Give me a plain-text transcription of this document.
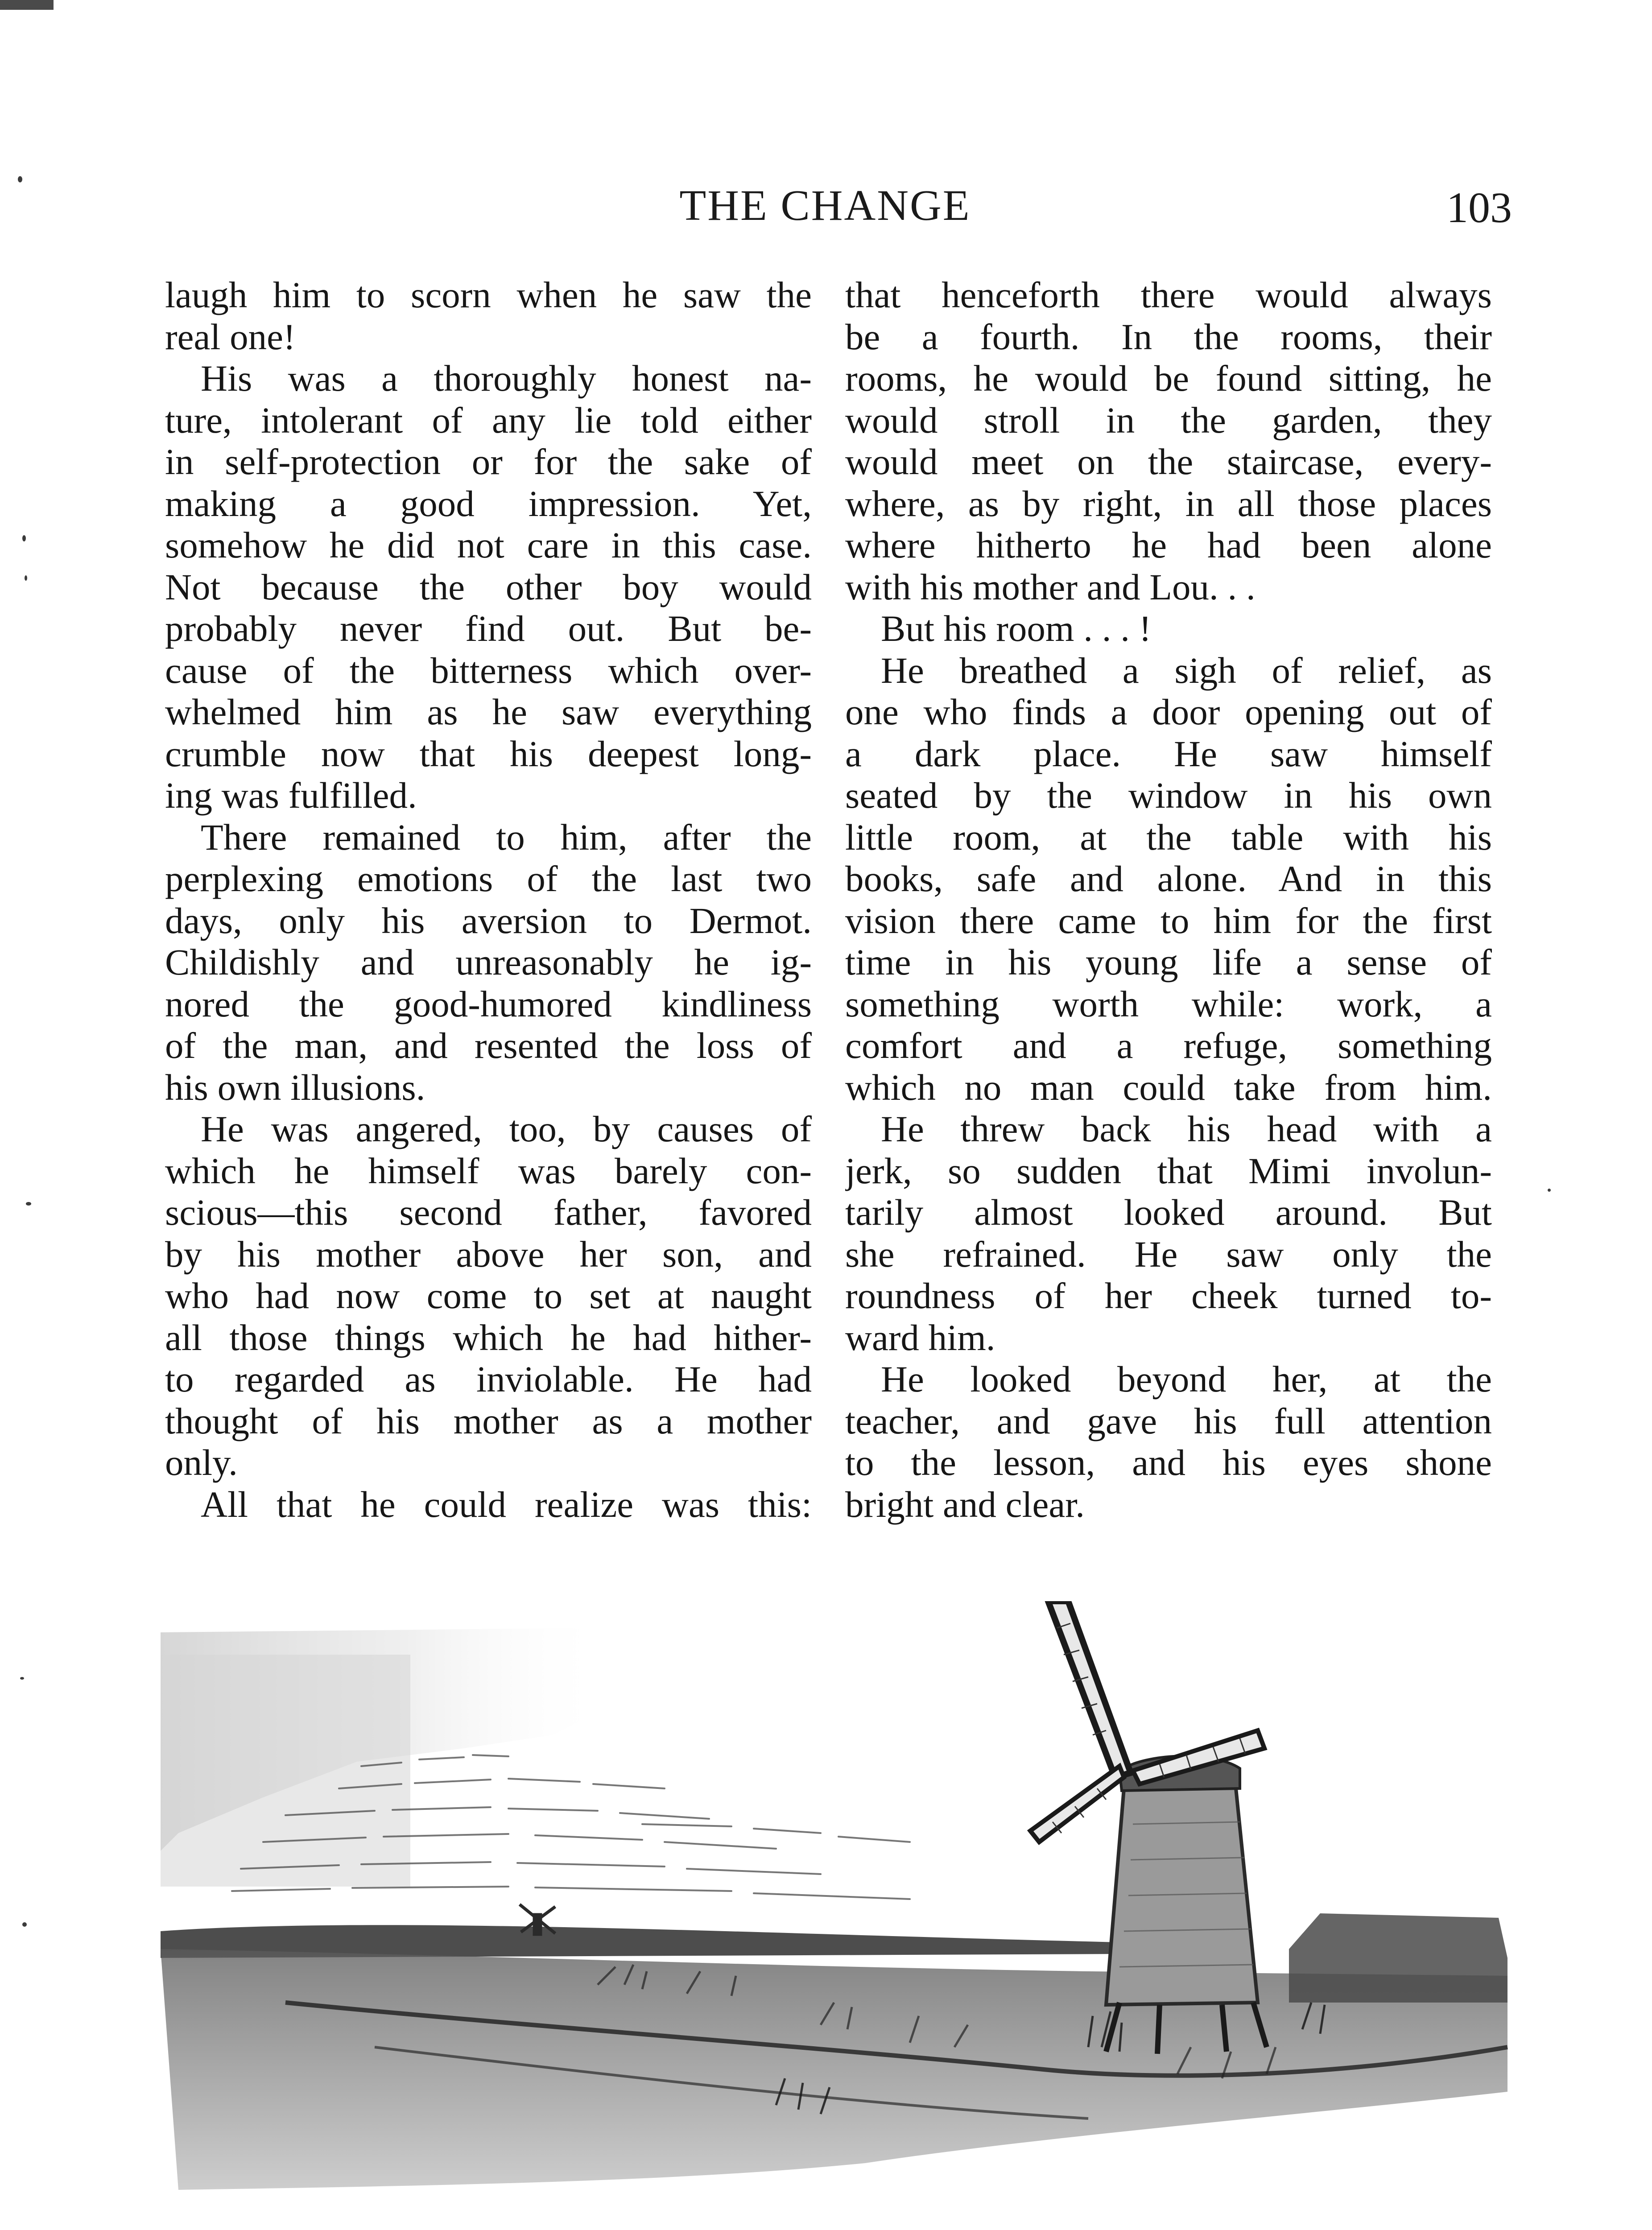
THE CHANGE	103
laugh him to scorn when he saw the
real one!
His was a thoroughly honest na-
ture, intolerant of any lie told either
in self-protection or for the sake of
making a good impression. Yet,
somehow he did not care in this case.
Not because the other boy would
probably never find out. But be-
cause of the bitterness which over-
whelmed him as he saw everything
crumble now that his deepest long-
ing was fulfilled.
There remained to him, after the
perplexing emotions of the last two
days, only his aversion to Dermot.
Childishly and unreasonably he ig-
nored the good-humored kindliness
of the man, and resented the loss of
his own illusions.
He was angered, too, by causes of
which he himself was barely con-
scious—this second father, favored
by his mother above her son, and
who had now come to set at naught
all those things which he had hither-
to regarded as inviolable. He had
thought of his mother as a mother
only.
All that he could realize was this:
that henceforth there would always
be a fourth. In the rooms, their
rooms, he would be found sitting, he
would stroll in the garden, they
would meet on the staircase, every-
where, as by right, in all those places
where hitherto he had been alone
with his mother and Lou. . .
But his room . . . !
He breathed a sigh of relief, as
one who finds a door opening out of
a dark place. He saw himself
seated by the window in his own
little room, at the table with his
books, safe and alone. And in this
vision there came to him for the first
time in his young life a sense of
something worth while: work, a
comfort and a refuge, something
which no man could take from him.
He threw back his head with a
jerk, so sudden that Mimi involun-
tarily almost looked around. But
she refrained. He saw only the
roundness of her cheek turned to-
ward him.
He looked beyond her, at the
teacher, and gave his full attention
to the lesson, and his eyes shone
bright and clear.
